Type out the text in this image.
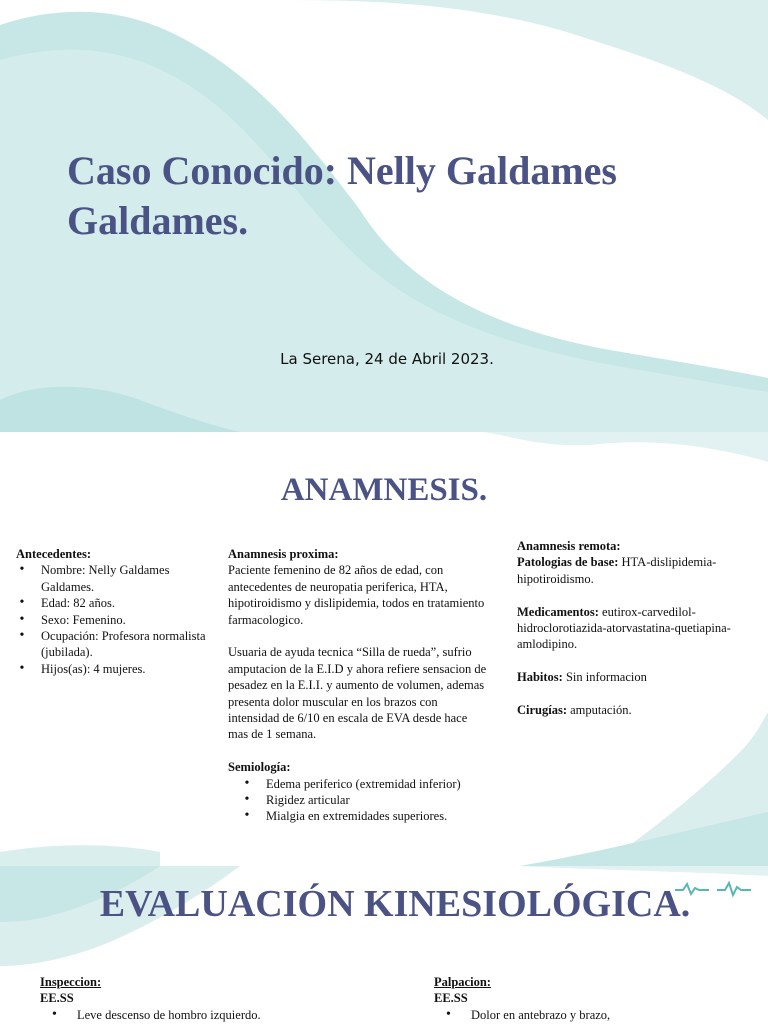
Caso Conocido: Nelly Galdames Galdames.
La Serena, 24 de Abril 2023.
ANAMNESIS.
Antecedentes:
• Nombre: Nelly Galdames Galdames.
• Edad: 82 años.
• Sexo: Femenino.
• Ocupación: Profesora normalista (jubilada).
• Hijos(as): 4 mujeres.
Anamnesis proxima:
Paciente femenino de 82 años de edad, con antecedentes de neuropatia periferica, HTA, hipotiroidismo y dislipidemia, todos en tratamiento farmacologico.
Usuaria de ayuda tecnica “Silla de rueda”, sufrio amputacion de la E.I.D y ahora refiere sensacion de pesadez en la E.I.I. y aumento de volumen, ademas presenta dolor muscular en los brazos con intensidad de 6/10 en escala de EVA desde hace mas de 1 semana.
Semiología:
• Edema periferico (extremidad inferior)
• Rigidez articular
• Mialgia en extremidades superiores.
Anamnesis remota:
Patologias de base: HTA-dislipidemia-hipotiroidismo.
Medicamentos: eutirox-carvedilol-hidroclorotiazida-atorvastatina-quetiapina-amlodipino.
Habitos: Sin informacion
Cirugías: amputación.
EVALUACIÓN KINESIOLÓGICA.
Inspeccion:
EE.SS
• Leve descenso de hombro izquierdo.
Palpacion:
EE.SS
• Dolor en antebrazo y brazo,
